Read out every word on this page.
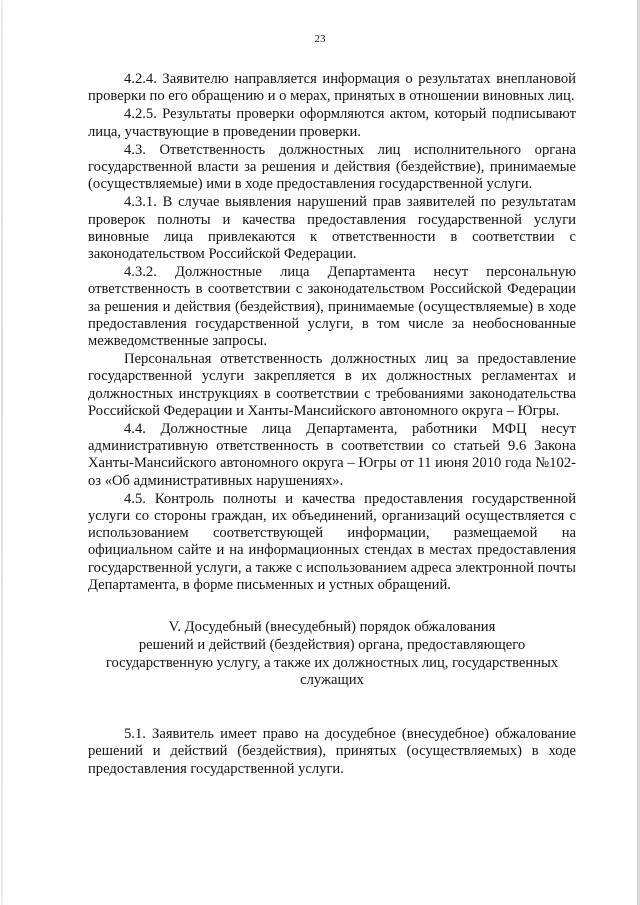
23

4.2.4. Заявителю направляется информация о результатах внеплановой проверки по его обращению и о мерах, принятых в отношении виновных лиц.

4.2.5. Результаты проверки оформляются актом, который подписывают лица, участвующие в проведении проверки.

4.3. Ответственность должностных лиц исполнительного органа государственной власти за решения и действия (бездействие), принимаемые (осуществляемые) ими в ходе предоставления государственной услуги.

4.3.1. В случае выявления нарушений прав заявителей по результатам проверок полноты и качества предоставления государственной услуги виновные лица привлекаются к ответственности в соответствии с законодательством Российской Федерации.

4.3.2. Должностные лица Департамента несут персональную ответственность в соответствии с законодательством Российской Федерации за решения и действия (бездействия), принимаемые (осуществляемые) в ходе предоставления государственной услуги, в том числе за необоснованные межведомственные запросы.

Персональная ответственность должностных лиц за предоставление государственной услуги закрепляется в их должностных регламентах и должностных инструкциях в соответствии с требованиями законодательства Российской Федерации и Ханты-Мансийского автономного округа – Югры.

4.4. Должностные лица Департамента, работники МФЦ несут административную ответственность в соответствии со статьей 9.6 Закона Ханты-Мансийского автономного округа – Югры от 11 июня 2010 года №102-оз «Об административных нарушениях».

4.5. Контроль полноты и качества предоставления государственной услуги со стороны граждан, их объединений, организаций осуществляется с использованием соответствующей информации, размещаемой на официальном сайте и на информационных стендах в местах предоставления государственной услуги, а также с использованием адреса электронной почты Департамента, в форме письменных и устных обращений.

V. Досудебный (внесудебный) порядок обжалования
решений и действий (бездействия) органа, предоставляющего
государственную услугу, а также их должностных лиц, государственных
служащих

5.1. Заявитель имеет право на досудебное (внесудебное) обжалование решений и действий (бездействия), принятых (осуществляемых) в ходе предоставления государственной услуги.
